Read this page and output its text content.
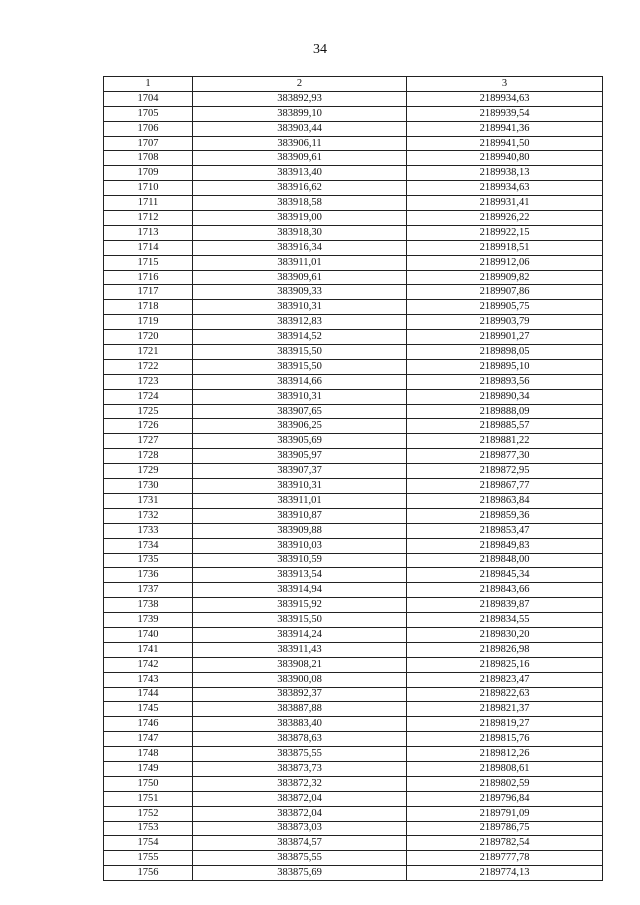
34
1	2	3
1704	383892,93	2189934,63
1705	383899,10	2189939,54
1706	383903,44	2189941,36
1707	383906,11	2189941,50
1708	383909,61	2189940,80
1709	383913,40	2189938,13
1710	383916,62	2189934,63
1711	383918,58	2189931,41
1712	383919,00	2189926,22
1713	383918,30	2189922,15
1714	383916,34	2189918,51
1715	383911,01	2189912,06
1716	383909,61	2189909,82
1717	383909,33	2189907,86
1718	383910,31	2189905,75
1719	383912,83	2189903,79
1720	383914,52	2189901,27
1721	383915,50	2189898,05
1722	383915,50	2189895,10
1723	383914,66	2189893,56
1724	383910,31	2189890,34
1725	383907,65	2189888,09
1726	383906,25	2189885,57
1727	383905,69	2189881,22
1728	383905,97	2189877,30
1729	383907,37	2189872,95
1730	383910,31	2189867,77
1731	383911,01	2189863,84
1732	383910,87	2189859,36
1733	383909,88	2189853,47
1734	383910,03	2189849,83
1735	383910,59	2189848,00
1736	383913,54	2189845,34
1737	383914,94	2189843,66
1738	383915,92	2189839,87
1739	383915,50	2189834,55
1740	383914,24	2189830,20
1741	383911,43	2189826,98
1742	383908,21	2189825,16
1743	383900,08	2189823,47
1744	383892,37	2189822,63
1745	383887,88	2189821,37
1746	383883,40	2189819,27
1747	383878,63	2189815,76
1748	383875,55	2189812,26
1749	383873,73	2189808,61
1750	383872,32	2189802,59
1751	383872,04	2189796,84
1752	383872,04	2189791,09
1753	383873,03	2189786,75
1754	383874,57	2189782,54
1755	383875,55	2189777,78
1756	383875,69	2189774,13
